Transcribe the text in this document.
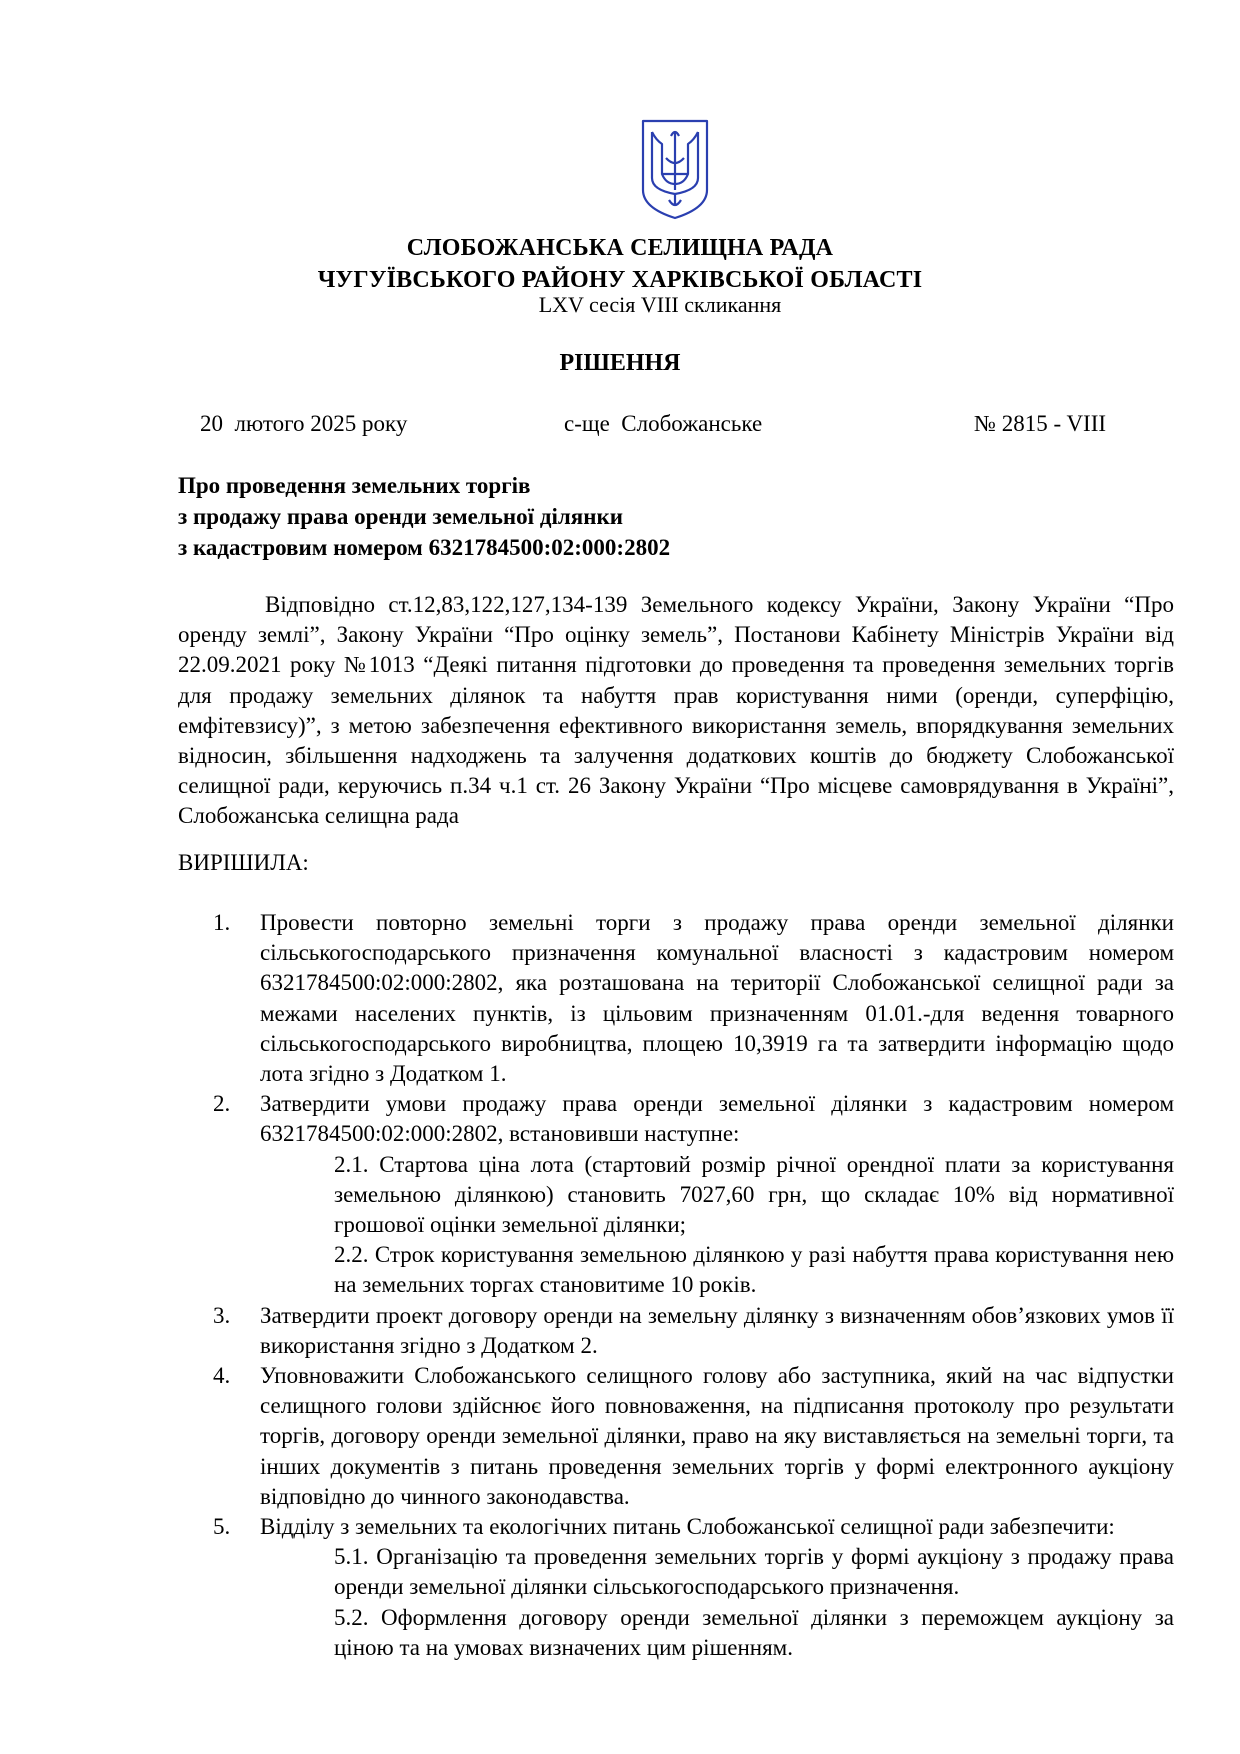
СЛОБОЖАНСЬКА СЕЛИЩНА РАДА
ЧУГУЇВСЬКОГО РАЙОНУ ХАРКІВСЬКОЇ ОБЛАСТІ
LXV сесія VIII скликання
РІШЕННЯ
20  лютого 2025 року	с-ще  Слобожанське	№ 2815 - VIII
Про проведення земельних торгів
з продажу права оренди земельної ділянки
з кадастровим номером 6321784500:02:000:2802
Відповідно ст.12,83,122,127,134-139 Земельного кодексу України, Закону України “Про оренду землі”, Закону України “Про оцінку земель”, Постанови Кабінету Міністрів України від 22.09.2021 року №1013 “Деякі питання підготовки до проведення та проведення земельних торгів для продажу земельних ділянок та набуття прав користування ними (оренди, суперфіцію, емфітевзису)”, з метою забезпечення ефективного використання земель, впорядкування земельних відносин, збільшення надходжень та залучення додаткових коштів до бюджету Слобожанської селищної ради, керуючись п.34 ч.1 ст. 26 Закону України “Про місцеве самоврядування в Україні”, Слобожанська селищна рада
ВИРІШИЛА:
1. Провести повторно земельні торги з продажу права оренди земельної ділянки сільськогосподарського призначення комунальної власності з кадастровим номером 6321784500:02:000:2802, яка розташована на території Слобожанської селищної ради за межами населених пунктів, із цільовим призначенням 01.01.-для ведення товарного сільськогосподарського виробництва, площею 10,3919 га та затвердити інформацію щодо лота згідно з Додатком 1.
2. Затвердити умови продажу права оренди земельної ділянки з кадастровим номером 6321784500:02:000:2802, встановивши наступне:
2.1. Стартова ціна лота (стартовий розмір річної орендної плати за користування земельною ділянкою) становить 7027,60 грн, що складає 10% від нормативної грошової оцінки земельної ділянки;
2.2. Строк користування земельною ділянкою у разі набуття права користування нею на земельних торгах становитиме 10 років.
3. Затвердити проект договору оренди на земельну ділянку з визначенням обов’язкових умов її використання згідно з Додатком 2.
4. Уповноважити Слобожанського селищного голову або заступника, який на час відпустки селищного голови здійснює його повноваження, на підписання протоколу про результати торгів, договору оренди земельної ділянки, право на яку виставляється на земельні торги, та інших документів з питань проведення земельних торгів у формі електронного аукціону відповідно до чинного законодавства.
5. Відділу з земельних та екологічних питань Слобожанської селищної ради забезпечити:
5.1. Організацію та проведення земельних торгів у формі аукціону з продажу права оренди земельної ділянки сільськогосподарського призначення.
5.2. Оформлення договору оренди земельної ділянки з переможцем аукціону за ціною та на умовах визначених цим рішенням.
